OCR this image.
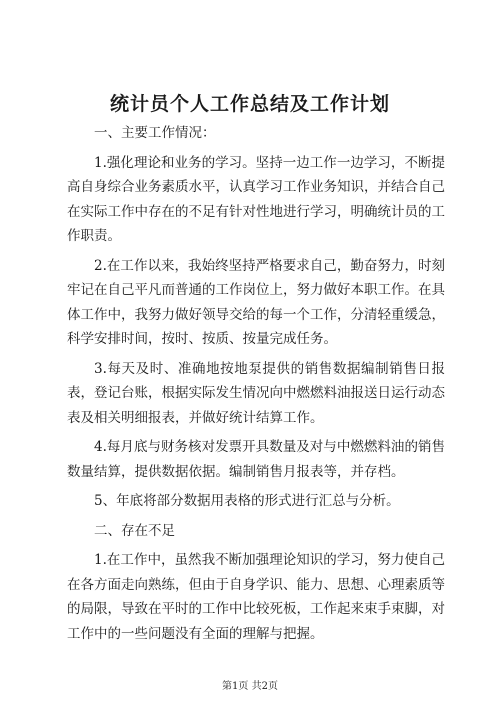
统计员个人工作总结及工作计划

一、主要工作情况：

1.强化理论和业务的学习。坚持一边工作一边学习，不断提高自身综合业务素质水平，认真学习工作业务知识，并结合自己在实际工作中存在的不足有针对性地进行学习，明确统计员的工作职责。

2.在工作以来，我始终坚持严格要求自己，勤奋努力，时刻牢记在自己平凡而普通的工作岗位上，努力做好本职工作。在具体工作中，我努力做好领导交给的每一个工作，分清轻重缓急，科学安排时间，按时、按质、按量完成任务。

3.每天及时、准确地按地泵提供的销售数据编制销售日报表，登记台账，根据实际发生情况向中燃燃料油报送日运行动态表及相关明细报表，并做好统计结算工作。

4.每月底与财务核对发票开具数量及对与中燃燃料油的销售数量结算，提供数据依据。编制销售月报表等，并存档。

5、年底将部分数据用表格的形式进行汇总与分析。

二、存在不足

1.在工作中，虽然我不断加强理论知识的学习，努力使自己在各方面走向熟练，但由于自身学识、能力、思想、心理素质等的局限，导致在平时的工作中比较死板，工作起来束手束脚，对工作中的一些问题没有全面的理解与把握。

第1页 共2页
